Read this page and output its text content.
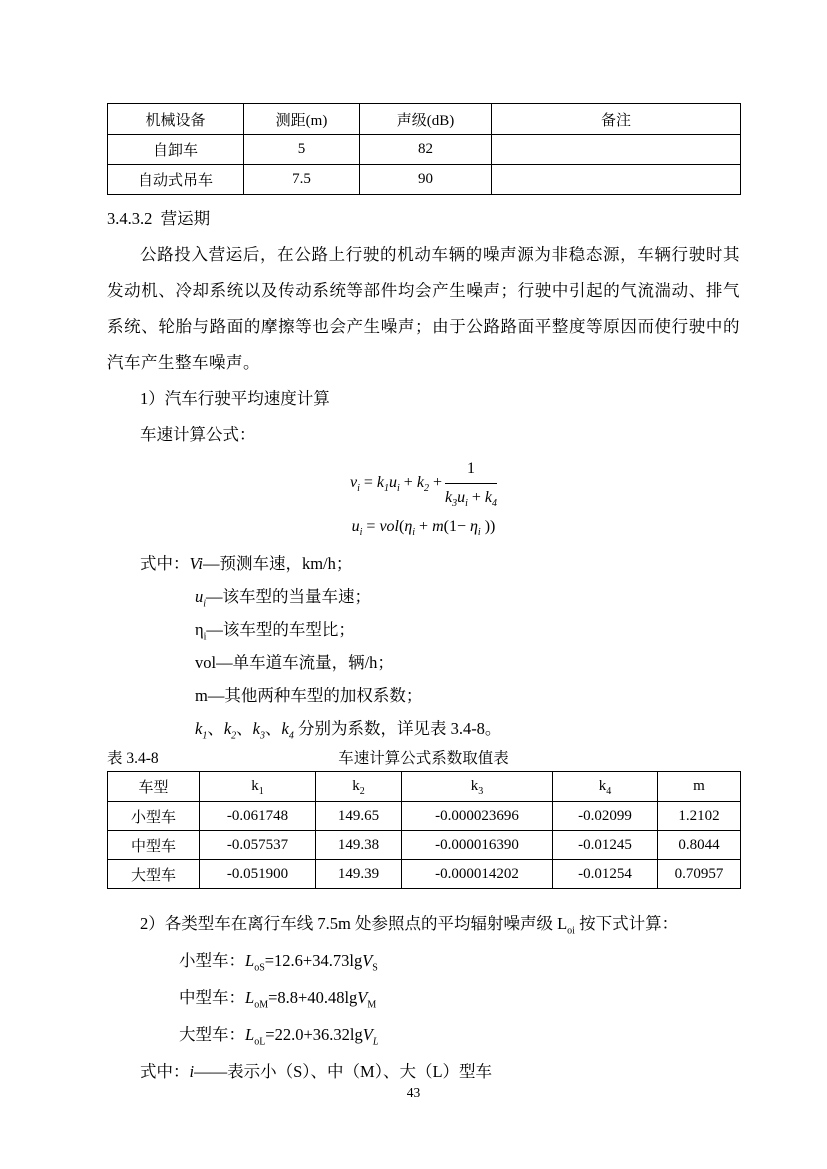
机械设备	测距(m)	声级(dB)	备注
自卸车	5	82	
自动式吊车	7.5	90	
3.4.3.2  营运期

公路投入营运后，在公路上行驶的机动车辆的噪声源为非稳态源，车辆行驶时其发动机、冷却系统以及传动系统等部件均会产生噪声；行驶中引起的气流湍动、排气系统、轮胎与路面的摩擦等也会产生噪声；由于公路路面平整度等原因而使行驶中的汽车产生整车噪声。

1）汽车行驶平均速度计算
车速计算公式：
$v_i = k_1u_i + k_2 + \frac{1}{k_3u_i + k_4}$
$u_i = vol(\eta_i + m(1- \eta_i$ ))
式中：Vi—预测车速，km/h；
$u_i—$该车型的当量车速；
$\eta_i—$该车型的车型比；
vol—单车道车流量，辆/h；
m—其他两种车型的加权系数；
$k_1$、$k_2$、$k_3$、$k_4$ 分别为系数，详见表 3.4-8。
表 3.4-8	车速计算公式系数取值表
车型	$k_1$	$k_2$	$k_3$	$k_4$	m
小型车	-0.061748	149.65	-0.000023696	-0.02099	1.2102
中型车	-0.057537	149.38	-0.000016390	-0.01245	0.8044
大型车	-0.051900	149.39	-0.000014202	-0.01254	0.70957
2）各类型车在离行车线 7.5m 处参照点的平均辐射噪声级 $L_{oi}$ 按下式计算：
小型车：$L_{oS}=12.6+34.73\lg V_S$
中型车：$L_{oM}=8.8+40.48\lg V_M$
大型车：$L_{oL}=22.0+36.32\lg V_L$
式中：i——表示小（S）、中（M）、大（L）型车
43
